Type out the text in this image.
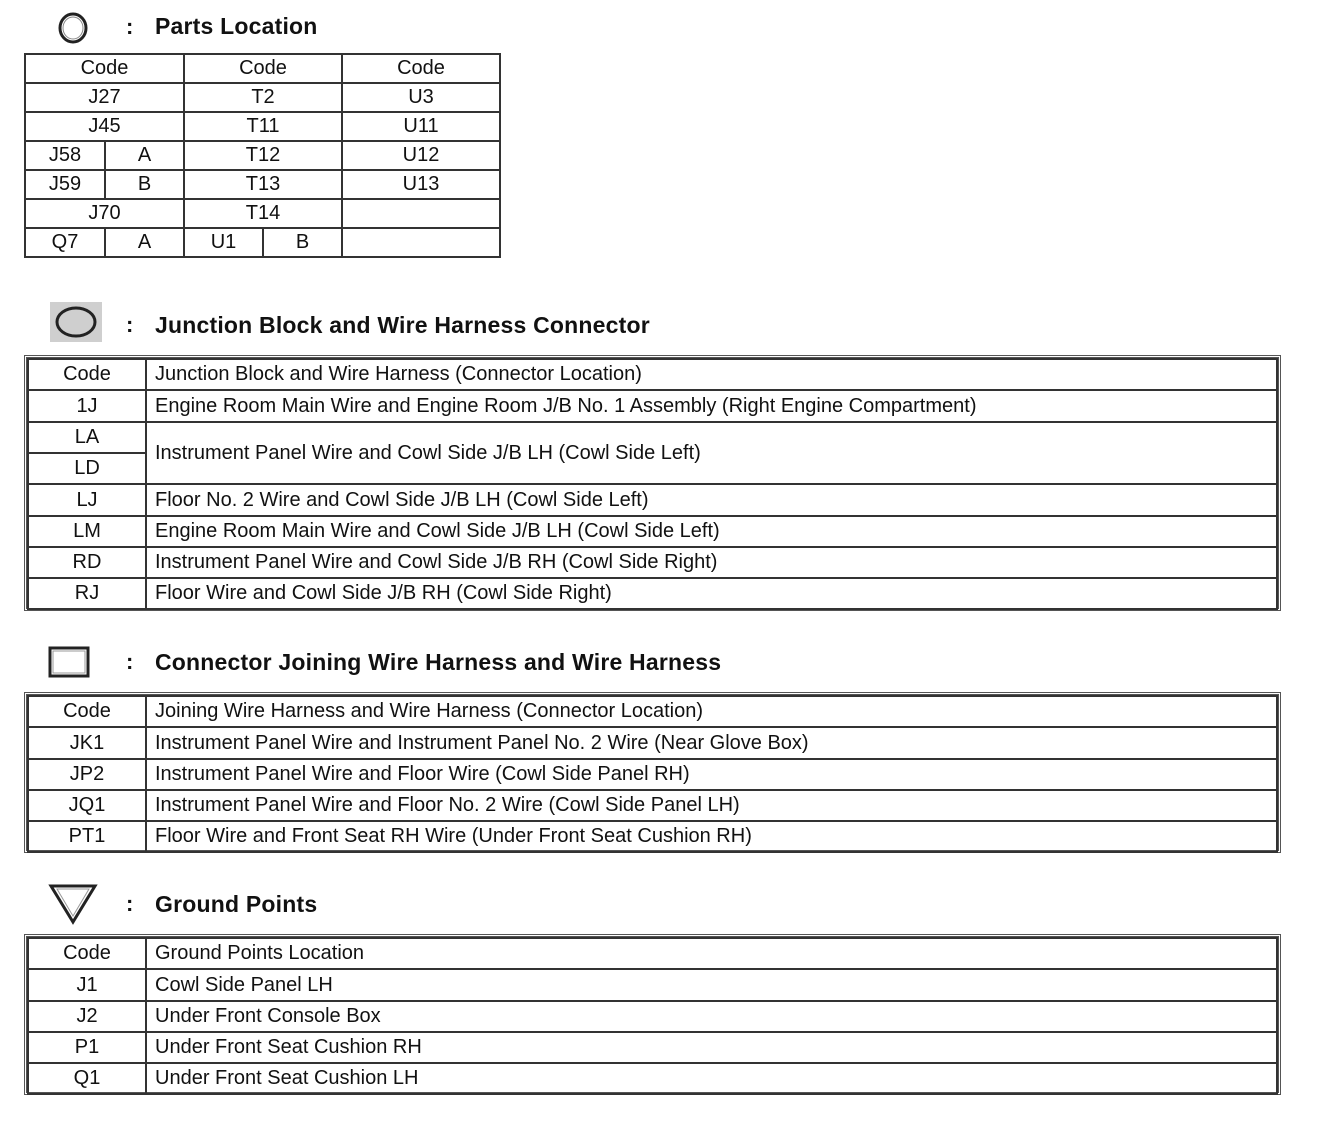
: Parts Location
Code		Code		Code
J27		T2		U3
J45		T11		U11
J58	A	T12		U12
J59	B	T13		U13
J70		T14		
Q7	A	U1	B	
: Junction Block and Wire Harness Connector
Code	Junction Block and Wire Harness (Connector Location)
1J	Engine Room Main Wire and Engine Room J/B No. 1 Assembly (Right Engine Compartment)
LA	Instrument Panel Wire and Cowl Side J/B LH (Cowl Side Left)
LD	
LJ	Floor No. 2 Wire and Cowl Side J/B LH (Cowl Side Left)
LM	Engine Room Main Wire and Cowl Side J/B LH (Cowl Side Left)
RD	Instrument Panel Wire and Cowl Side J/B RH (Cowl Side Right)
RJ	Floor Wire and Cowl Side J/B RH (Cowl Side Right)
: Connector Joining Wire Harness and Wire Harness
Code	Joining Wire Harness and Wire Harness (Connector Location)
JK1	Instrument Panel Wire and Instrument Panel No. 2 Wire (Near Glove Box)
JP2	Instrument Panel Wire and Floor Wire (Cowl Side Panel RH)
JQ1	Instrument Panel Wire and Floor No. 2 Wire (Cowl Side Panel LH)
PT1	Floor Wire and Front Seat RH Wire (Under Front Seat Cushion RH)
: Ground Points
Code	Ground Points Location
J1	Cowl Side Panel LH
J2	Under Front Console Box
P1	Under Front Seat Cushion RH
Q1	Under Front Seat Cushion LH
